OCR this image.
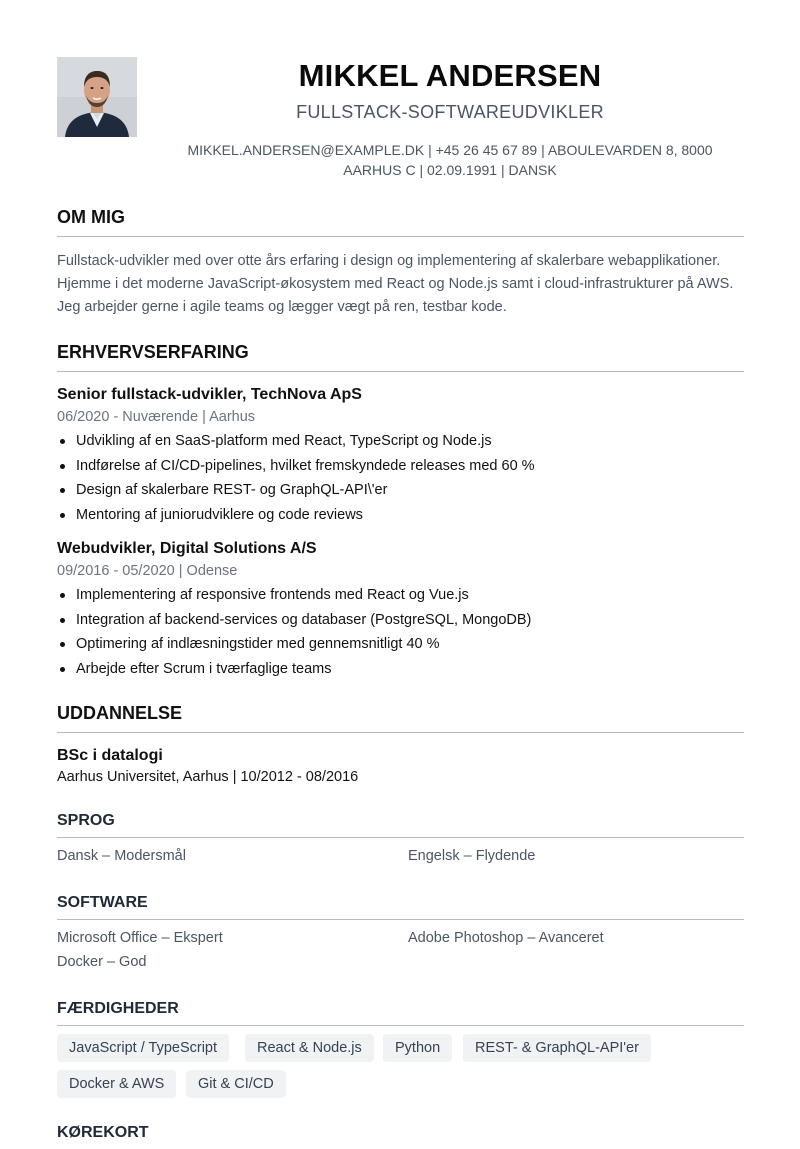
MIKKEL ANDERSEN
FULLSTACK-SOFTWAREUDVIKLER
MIKKEL.ANDERSEN@EXAMPLE.DK | +45 26 45 67 89 | ABOULEVARDEN 8, 8000
AARHUS C | 02.09.1991 | DANSK
OM MIG
Fullstack-udvikler med over otte års erfaring i design og implementering af skalerbare webapplikationer. Hjemme i det moderne JavaScript-økosystem med React og Node.js samt i cloud-infrastrukturer på AWS. Jeg arbejder gerne i agile teams og lægger vægt på ren, testbar kode.
ERHVERVSERFARING
Senior fullstack-udvikler, TechNova ApS
06/2020 - Nuværende | Aarhus
Udvikling af en SaaS-platform med React, TypeScript og Node.js
Indførelse af CI/CD-pipelines, hvilket fremskyndede releases med 60 %
Design af skalerbare REST- og GraphQL-API\'er
Mentoring af juniorudviklere og code reviews
Webudvikler, Digital Solutions A/S
09/2016 - 05/2020 | Odense
Implementering af responsive frontends med React og Vue.js
Integration af backend-services og databaser (PostgreSQL, MongoDB)
Optimering af indlæsningstider med gennemsnitligt 40 %
Arbejde efter Scrum i tværfaglige teams
UDDANNELSE
BSc i datalogi
Aarhus Universitet, Aarhus | 10/2012 - 08/2016
SPROG
Dansk – Modersmål	Engelsk – Flydende
SOFTWARE
Microsoft Office – Ekspert	Adobe Photoshop – Avanceret
Docker – God
FÆRDIGHEDER
JavaScript / TypeScript	React & Node.js	Python	REST- & GraphQL-API'er
Docker & AWS	Git & CI/CD
KØREKORT
